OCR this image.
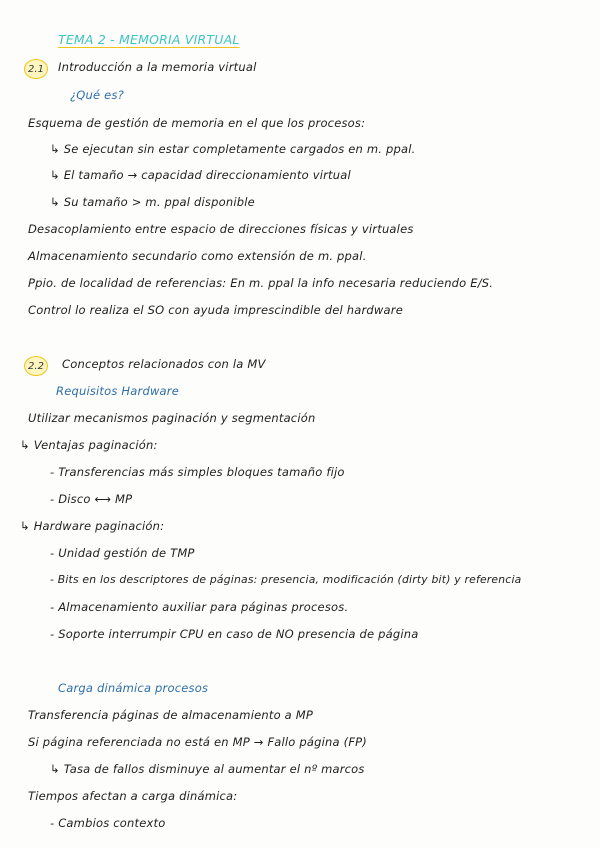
TEMA 2 - MEMORIA VIRTUAL
2.1	Introducción a la memoria virtual
¿Qué es?
Esquema de gestión de memoria en el que los procesos:
↳ Se ejecutan sin estar completamente cargados en m. ppal.
↳ El tamaño → capacidad direccionamiento virtual
↳ Su tamaño > m. ppal disponible
Desacoplamiento entre espacio de direcciones físicas y virtuales
Almacenamiento secundario como extensión de m. ppal.
Ppio. de localidad de referencias: En m. ppal la info necesaria reduciendo E/S.
Control lo realiza el SO con ayuda imprescindible del hardware
2.2	Conceptos relacionados con la MV
Requisitos Hardware
Utilizar mecanismos paginación y segmentación
↳ Ventajas paginación:
- Transferencias más simples bloques tamaño fijo
- Disco ⟷ MP
↳ Hardware paginación:
- Unidad gestión de TMP
- Bits en los descriptores de páginas: presencia, modificación (dirty bit) y referencia
- Almacenamiento auxiliar para páginas procesos.
- Soporte interrumpir CPU en caso de NO presencia de página
Carga dinámica procesos
Transferencia páginas de almacenamiento a MP
Si página referenciada no está en MP → Fallo página (FP)
↳ Tasa de fallos disminuye al aumentar el nº marcos
Tiempos afectan a carga dinámica:
- Cambios contexto
